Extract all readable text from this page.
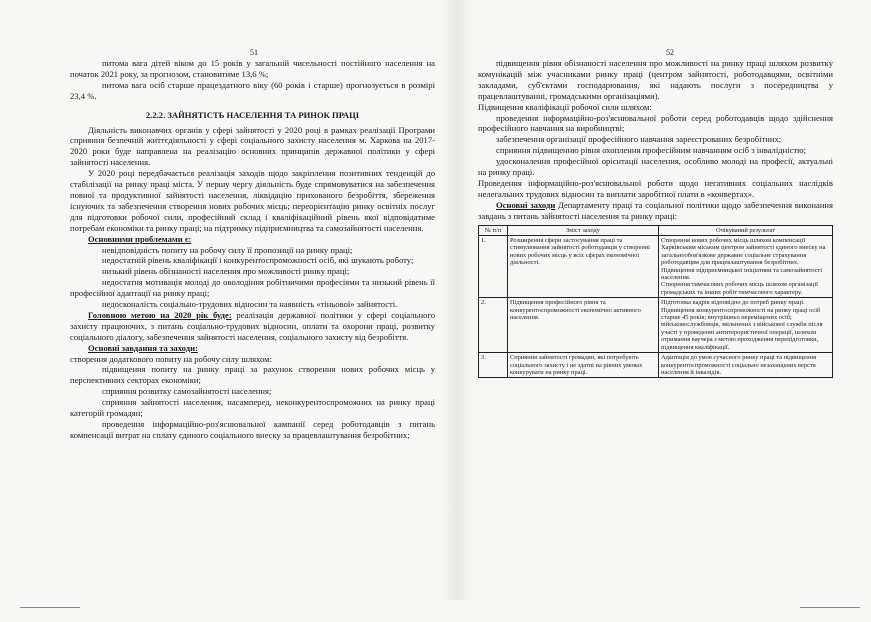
51

питома вага дітей віком до 15 років у загальній чисельності постійного населення на початок 2021 року, за прогнозом, становитиме 13,6 %;

питома вага осіб старше працездатного віку (60 років і старше) прогнозується в розмірі 23,4 %.

2.2.2. ЗАЙНЯТІСТЬ НАСЕЛЕННЯ ТА РИНОК ПРАЦІ

Діяльність виконавчих органів у сфері зайнятості у 2020 році в рамках реалізації Програми сприяння безпечній життєдіяльності у сфері соціального захисту населення м. Харкова на 2017-2020 роки буде направлена на реалізацію основних принципів державної політики у сфері зайнятості населення.

У 2020 році передбачається реалізація заходів щодо закріплення позитивних тенденцій до стабілізації на ринку праці міста. У першу чергу діяльність буде спрямовуватися на забезпечення повної та продуктивної зайнятості населення, ліквідацію прихованого безробіття, збереження існуючих та забезпечення створення нових робочих місць; переорієнтацію ринку освітніх послуг для підготовки робочої сили, професійний склад і кваліфікаційний рівень якої відповідатиме потребам економіки та ринку праці; на підтримку підприємництва та самозайнятості населення.

Основними проблемами є:

невідповідність попиту на робочу силу її пропозиції на ринку праці;

недостатній рівень кваліфікації і конкурентоспроможності осіб, які шукають роботу;

низький рівень обізнаності населення про можливості ринку праці;

недостатня мотивація молоді до оволодіння робітничими професіями та низький рівень її професійної адаптації на ринку праці;

недосконалість соціально-трудових відносин та наявність «тіньової» зайнятості.

Головною метою на 2020 рік буде: реалізація державної політики у сфері соціального захисту працюючих, з питань соціально-трудових відносин, оплати та охорони праці, розвитку соціального діалогу, забезпечення зайнятості населення, соціального захисту від безробіття.

Основні завдання та заходи:

створення додаткового попиту на робочу силу шляхом:

підвищення попиту на ринку праці за рахунок створення нових робочих місць у перспективних секторах економіки;

сприяння розвитку самозайнятості населення;

сприяння зайнятості населення, насамперед, неконкурентоспроможних на ринку праці категорій громадян;

проведення інформаційно-роз'яснювальної кампанії серед роботодавців з питань компенсації витрат на сплату єдиного соціального внеску за працевлаштування безробітних;

52

підвищення рівня обізнаності населення про можливості на ринку праці шляхом розвитку комунікацій між учасниками ринку праці (центром зайнятості, роботодавцями, освітніми закладами, суб'єктами господарювання, які надають послуги з посередництва у працевлаштуванні, громадськими організаціями).

Підвищення кваліфікації робочої сили шляхом:

проведення інформаційно-роз'яснювальної роботи серед роботодавців щодо здійснення професійного навчання на виробництві;

забезпечення організації професійного навчання зареєстрованих безробітних;

сприяння підвищенню рівня охоплення професійним навчанням осіб з інвалідністю;

удосконалення професійної орієнтації населення, особливо молоді на професії, актуальні на ринку праці.

Проведення інформаційно-роз'яснювальної роботи щодо негативних соціальних наслідків нелегальних трудових відносин та виплати заробітної плати в «конвертах».

Основні заходи Департаменту праці та соціальної політики щодо забезпечення виконання завдань з питань зайнятості населення та ринку праці:

№ п/п	Зміст заходу	Очікуваний результат
1.	Розширення сфери застосування праці та стимулювання зайнятості роботодавців у створенні нових робочих місць у всіх сферах економічної діяльності.	Створення нових робочих місць шляхом компенсації Харківським міським центром зайнятості єдиного внеску на загальнообов'язкове державне соціальне страхування роботодавцям для працевлаштування безробітних.
Підвищення підприємницької ініціативи та самозайнятості населення.
Створення тимчасових робочих місць шляхом організації громадських та інших робіт тимчасового характеру.

2.	Підвищення професійного рівня та конкурентоспроможності економічно активного населення.	Підготовка кадрів відповідно до потреб ринку праці. Підвищення конкурентоспроможності на ринку праці осіб старше 45 років; внутрішньо переміщених осіб; військовослужбовців, звільнених з військової служби після участі у проведенні антитерористичної операції, шляхом отримання ваучера з метою проходження перепідготовки, підвищення кваліфікації.

3.	Сприяння зайнятості громадян, які потребують соціального захисту і не здатні на рівних умовах конкурувати на ринку праці.	Адаптація до умов сучасного ринку праці та підвищення конкурентоспроможності соціально незахищених верств населення й інвалідів.
